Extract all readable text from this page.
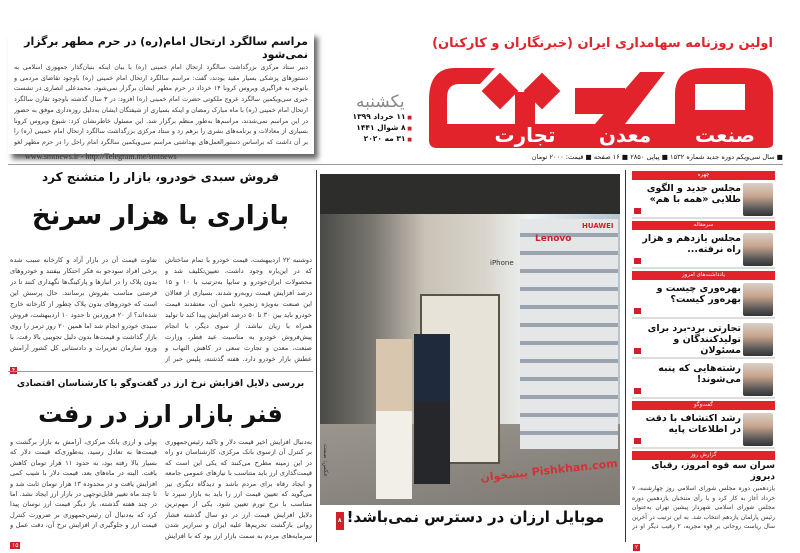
مراسم سالگرد ارتحال امام(ره) در حرم مطهر برگزار نمی‌شود
دبیر ستاد مرکزی بزرگداشت سالگرد ارتحال امام خمینی (ره) با بیان اینکه بنیان‌گذار جمهوری اسلامی به دستورهای پزشکی بسیار مقید بودند، گفت: مراسم سالگرد ارتحال امام خمینی (ره) باوجود تقاضای مردمی و باتوجه به فراگیری ویروس کرونا ۱۴ خرداد در حرم مطهر ایشان برگزار نمی‌شود. محمدعلی انصاری در نشست خبری سی‌ویکمین سالگرد عروج ملکوتی حضرت امام خمینی (ره) افزود: در ۳ سال گذشته باوجود تقارن سالگرد ارتحال امام خمینی (ره) با ماه مبارک رمضان و اینکه بسیاری از شیفتگان ایشان به‌دلیل روزه‌داری موفق به حضور در این مراسم نمی‌شدند، مراسم‌ها به‌طور منظم برگزار شد. این مسئول خاطرنشان کرد: شیوع ویروس کرونا بسیاری از معادلات و برنامه‌های بشری را برهم زد و ستاد مرکزی بزرگداشت سالگرد ارتحال امام خمینی (ره) را بر آن داشت که براساس دستورالعمل‌های بهداشتی مراسم سی‌ویکمین سالگرد امام راحل را در حرم مطهر لغو
www.smtnews.ir - http://Telegram.me/smtnews
یکشنبه
■ ۱۱ خرداد ۱۳۹۹
■ ۸ شوال ۱۴۴۱
■ ۳۱ مه ۲۰۲۰
اولین روزنامه سهامداری ایران (خبرنگاران و کارکنان)
صنعت
معدن
تجارت
■ سال سی‌ویکم دوره جدید شماره ۱۵۳۲ ■ پیاپی ۲۸۵۰ ■ ۱۶ صفحه ■ قیمت: ۲۰۰۰ تومان
فروش سبدی خودرو، بازار را متشنج کرد
بازاری با هزار سرنخ
دوشنبه ۲۲ اردیبهشت، قیمت خودرو با تمام ساختاش که در این‌باره وجود داشت، تعیین‌تکلیف شد و محصولات ایران‌خودرو و سایپا به‌ترتیب با ۱۰ و ۱۵ درصد افزایش قیمت روبه‌رو شدند. بسیاری از فعالان این صنعت به‌ویژه زنجیره تامین آن، معتقدند قیمت خودرو باید بین ۳۰ تا ۵۰ درصد افزایش پیدا کند تا تولید همراه با زیان نباشد. از سوی دیگر، با انجام پیش‌فروش خودرو به مناسبت عید فطر، وزارت صنعت، معدن و تجارت سعی در کاهش التهاب و عطش بازار خودرو دارد. هفته گذشته، پلیس خبر از
تفاوت قیمت آن در بازار آزاد و کارخانه سبب شده برخی افراد سودجو به فکر احتکار بیفتند و خودروهای بدون پلاک را در انبارها و پارکینگ‌ها نگهداری کنند تا در فرصتی مناسب بفروش برسانند. حال پرسش این است که خودروهای بدون پلاک چطور از کارخانه خارج شده‌اند؟ از ۲۰ فروردین تا حدود ۱۰ اردیبهشت، فروش سبدی خودرو انجام شد اما همین ۲۰ روز ترمز را روی بازار گذاشت و قیمت‌ها بدون دلیل تجویبی بالا رفت. با ورود سازمان تعزیرات و دادستانی کل کشور آرامش
بررسی دلایل افزایش نرخ ارز در گفت‌وگو با کارشناسان اقتصادی
فنر بازار ارز در رفت
به‌دنبال افزایش اخیر قیمت دلار و تاکید رئیس‌جمهوری بر کنترل آن ازسوی بانک مرکزی، کارشناسان دو راه در این زمینه مطرح می‌کنند که یکی این است که قیمت‌گذاری ارز باید متناسب با نیازهای عمومی جامعه و ایجاد رفاه برای مردم باشد و دیدگاه دیگری نیز می‌گوید که تعیین قیمت ارز را باید به بازار سپرد تا متناسب با نرخ تورم تعیین شود. یکی از مهم‌ترین دلایل افزایش قیمت ارز در دو سال گذشته فشار روانی بازگشت تحریم‌ها علیه ایران و سرازیر شدن سرمایه‌های مردم به سمت بازار ارز بود که با افزایش
پولی و ارزی بانک مرکزی، آرامش به بازار برگشت و قیمت‌ها به تعادل رسید، به‌طوری‌که قیمت دلار که بسیار بالا رفته بود، به حدود ۱۱ هزار تومان کاهش یافت. البته در ماه‌های بعد، قیمت دلار با شیب کمی افزایش یافت و در محدوده ۱۳ هزار تومان ثابت شد و تا چند ماه تغییر قابل‌توجهی در بازار ارز ایجاد نشد. اما در چند هفته گذشته، باز دیگر قیمت ارز نوسان پیدا کرد که به‌دنبال آن رئیس‌جمهوری بر ضرورت کنترل قیمت ارز و جلوگیری از افزایش نرخ آن، دقت عمل و
۱۵
Lenovo
HUAWEI
iPhone
پیشخوان Pishkhan.com
عکس: صمت
موبایل ارزان در دسترس نمی‌باشد!۸
چهره
مجلس جدید و الگوی طلایی «همه با هم»
سرمقاله
مجلس یازدهم و هزار راه نرفته...
یادداشت‌های امروز
بهره‌وری چیست و بهره‌ور کیست؟
تجارتی برد-برد برای تولیدکنندگان و مسئولان
رشته‌هایی که پنبه می‌شوند!
گفت‌وگو
رشد اکتشاف با دقت در اطلاعات پایه
گزارش روز
سران سه قوه امروز، رقبای دیروز
یازدهمین دوره مجلس شورای اسلامی روز چهارشنبه، ۷ خرداد آغاز به کار کرد و با رأی منتخبان یازدهمین دوره مجلس شورای اسلامی شهردار پیشین تهران به‌عنوان رئیس پارلمان یازدهم انتخاب شد. به این ترتیب در آخرین سال ریاست روحانی بر قوه مجریه، ۲ رقیب دیگر او در
۲
